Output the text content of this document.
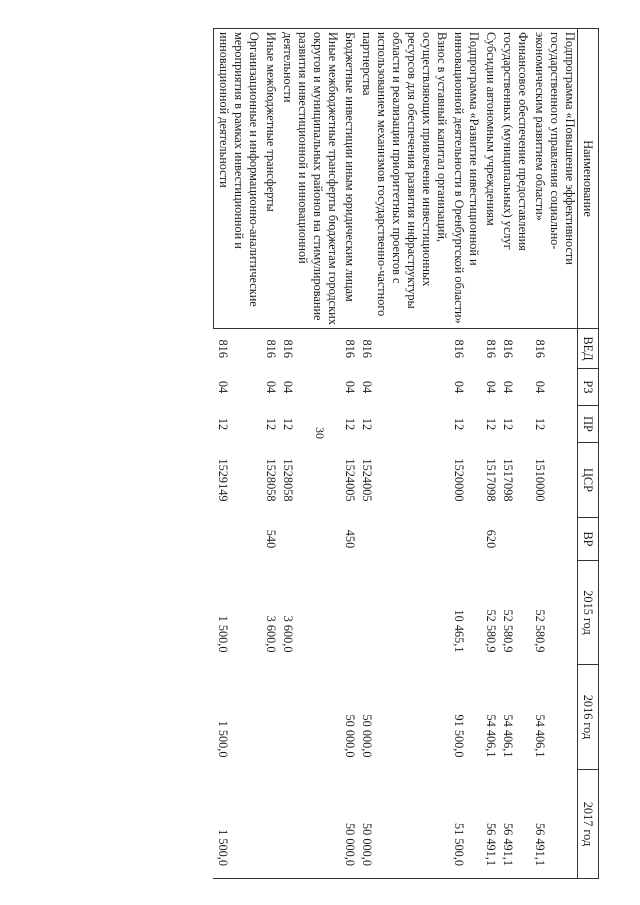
30
Наименование	ВЕД	РЗ	ПР	ЦСР	ВР	2015 год	2016 год	2017 год
Подпрограмма «Повышение эффективности государственного управления социально-экономическим развитием области»	816	04	12	1510000		52 580,9	54 406,1	56 491,1
Финансовое обеспечение предоставления государственных (муниципальных) услуг	816	04	12	1517098		52 580,9	54 406,1	56 491,1
Субсидии автономным учреждениям	816	04	12	1517098	620	52 580,9	54 406,1	56 491,1
Подпрограмма «Развитие инвестиционной и инновационной деятельности в Оренбургской области»	816	04	12	1520000		10 465,1	91 500,0	51 500,0
Взнос в уставный капитал организаций, осуществляющих привлечение инвестиционных ресурсов для обеспечения развития инфраструктуры области и реализации приоритетных проектов с использованием механизмов государственно-частного партнерства	816	04	12	1524005			50 000,0	50 000,0
Бюджетные инвестиции иным юридическим лицам	816	04	12	1524005	450		50 000,0	50 000,0
Иные межбюджетные трансферты бюджетам городских округов и муниципальных районов на стимулирование развития инвестиционной и инновационной деятельности	816	04	12	1528058		3 600,0		
Иные межбюджетные трансферты	816	04	12	1528058	540	3 600,0		
Организационные и информационно-аналитические мероприятия в рамках инвестиционной и инновационной деятельности	816	04	12	1529149		1 500,0	1 500,0	1 500,0
